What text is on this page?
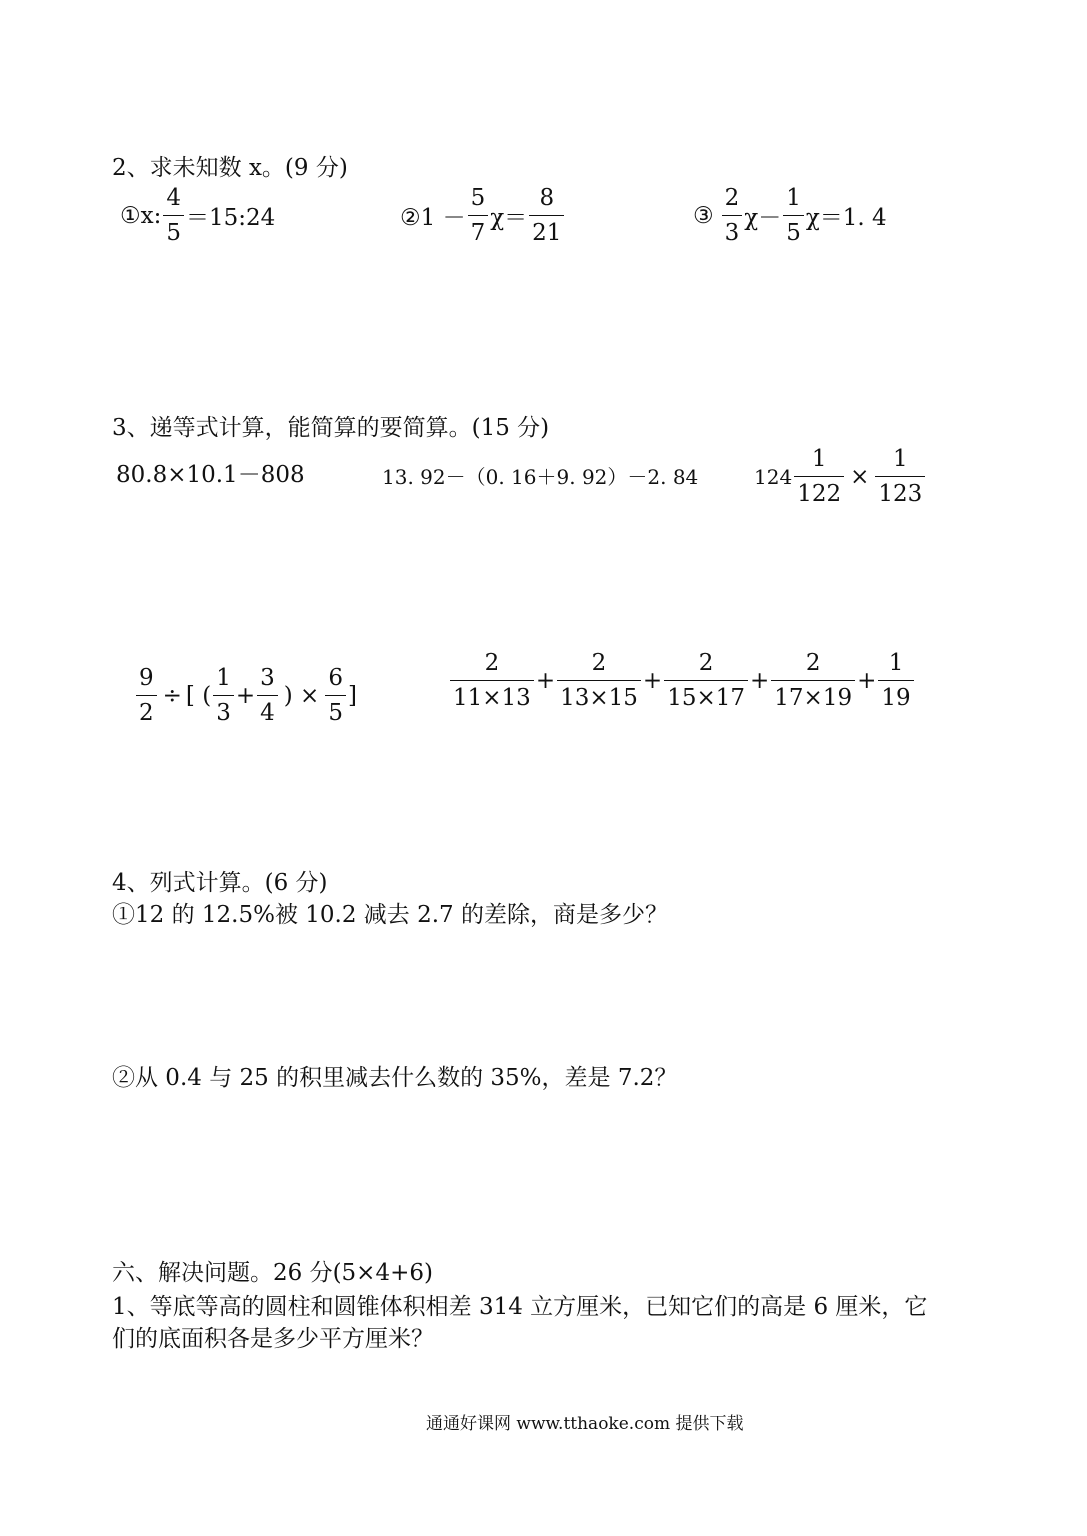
2、求未知数 x。(9 分)
①x: $\frac{4}{5}$ ＝15:24	②1 － $\frac{5}{7} \chi= \frac{8}{21}$	③ $\frac{2}{3} \chi- \frac{1}{5} \chi=1$. 4
3、递等式计算，能简算的要简算。(15 分)
80.8×10.1－808	13. 92－（0. 16＋9. 92）－2. 84	$124 \frac{1}{122} \times \frac{1}{123}$
$\frac{9}{2}$ ÷ [ ( $\frac{1}{3} + \frac{3}{4}$ ) × $\frac{6}{5}$ ]	$\frac{2}{11\times 13} + \frac{2}{13\times 15} + \frac{2}{15\times 17} + \frac{2}{17\times 19} + \frac{1}{19}$
4、列式计算。(6 分)
①12 的 12.5%被 10.2 减去 2.7 的差除，商是多少？
②从 0.4 与 25 的积里减去什么数的 35%，差是 7.2？
六、解决问题。26 分(5×4+6)
1、等底等高的圆柱和圆锥体积相差 314 立方厘米，已知它们的高是 6 厘米，它
们的底面积各是多少平方厘米？
通通好课网 www.tthaoke.com 提供下载
